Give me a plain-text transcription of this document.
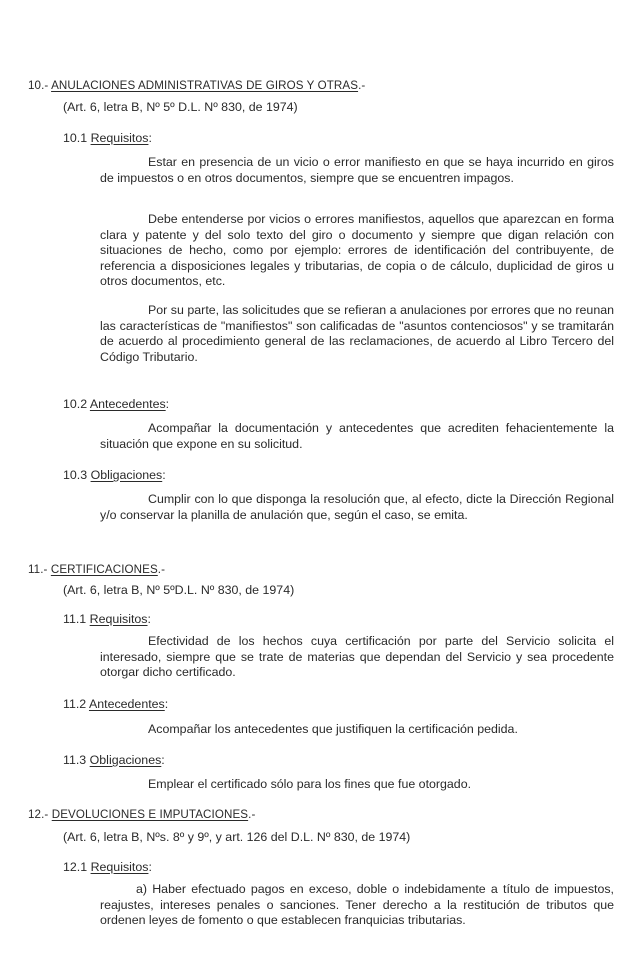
10.- ANULACIONES ADMINISTRATIVAS DE GIROS Y OTRAS.-
(Art. 6, letra B, Nº 5º D.L. Nº 830, de 1974)
10.1 Requisitos:

Estar en presencia de un vicio o error manifiesto en que se haya incurrido en giros de impuestos o en otros documentos, siempre que se encuentren impagos.

Debe entenderse por vicios o errores manifiestos, aquellos que aparezcan en forma clara y patente y del solo texto del giro o documento y siempre que digan relación con situaciones de hecho, como por ejemplo: errores de identificación del contribuyente, de referencia a disposiciones legales y tributarias, de copia o de cálculo, duplicidad de giros u otros documentos, etc.

Por su parte, las solicitudes que se refieran a anulaciones por errores que no reunan las características de "manifiestos" son calificadas de "asuntos contenciosos" y se tramitarán de acuerdo al procedimiento general de las reclamaciones, de acuerdo al Libro Tercero del Código Tributario.

10.2 Antecedentes:

Acompañar la documentación y antecedentes que acrediten fehacientemente la situación que expone en su solicitud.

10.3 Obligaciones:

Cumplir con lo que disponga la resolución que, al efecto, dicte la Dirección Regional y/o conservar la planilla de anulación que, según el caso, se emita.

11.- CERTIFICACIONES.-
(Art. 6, letra B, Nº 5ºD.L. Nº 830, de 1974)
11.1 Requisitos:

Efectividad de los hechos cuya certificación por parte del Servicio solicita el interesado, siempre que se trate de materias que dependan del Servicio y sea procedente otorgar dicho certificado.

11.2 Antecedentes:

Acompañar los antecedentes que justifiquen la certificación pedida.

11.3 Obligaciones:

Emplear el certificado sólo para los fines que fue otorgado.

12.- DEVOLUCIONES E IMPUTACIONES.-
(Art. 6, letra B, Nºs. 8º y 9º, y art. 126 del D.L. Nº 830, de 1974)
12.1 Requisitos:

a) Haber efectuado pagos en exceso, doble o indebidamente a título de impuestos, reajustes, intereses penales o sanciones. Tener derecho a la restitución de tributos que ordenen leyes de fomento o que establecen franquicias tributarias.
